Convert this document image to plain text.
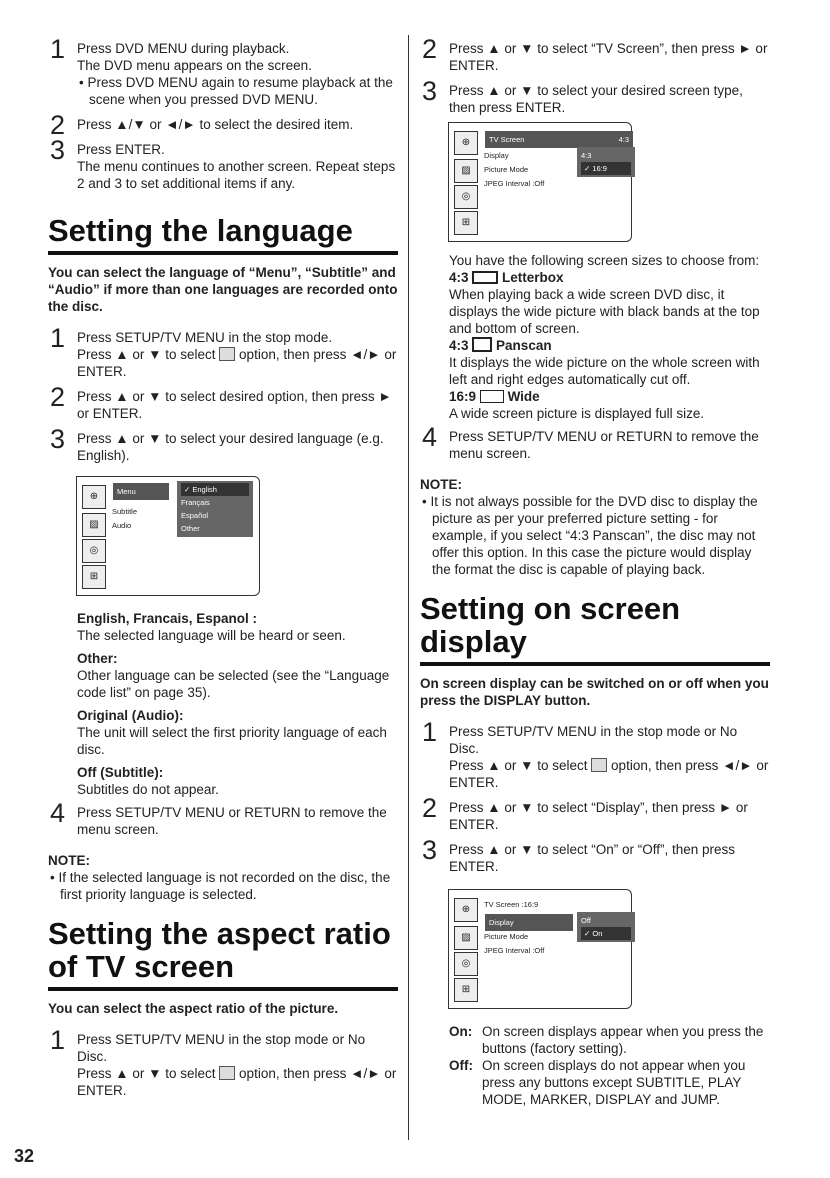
1 Press DVD MENU during playback.

The DVD menu appears on the screen.

• Press DVD MENU again to resume playback at the scene when you pressed DVD MENU.

2 Press ▲/▼ or ◄/► to select the desired item.

3 Press ENTER.

The menu continues to another screen. Repeat steps 2 and 3 to set additional items if any.

Setting the language

You can select the language of “Menu”, “Subtitle” and “Audio” if more than one languages are recorded onto the disc.

1 Press SETUP/TV MENU in the stop mode.

Press ▲ or ▼ to select option, then press ◄/► or ENTER.

2 Press ▲ or ▼ to select desired option, then press ► or ENTER.

3 Press ▲ or ▼ to select your desired language (e.g. English).

⊕
▨
◎
⊞
Menu
Subtitle
Audio
✓ English
Français
Español
Other

English, Francais, Espanol :

The selected language will be heard or seen.

Other:

Other language can be selected (see the “Language code list” on page 35).

Original (Audio):

The unit will select the first priority language of each disc.

Off (Subtitle):

Subtitles do not appear.

4 Press SETUP/TV MENU or RETURN to remove the menu screen.

NOTE:

• If the selected language is not recorded on the disc, the first priority language is selected.

Setting the aspect ratio of TV screen

You can select the aspect ratio of the picture.

1 Press SETUP/TV MENU in the stop mode or No Disc.

Press ▲ or ▼ to select option, then press ◄/► or ENTER.

2 Press ▲ or ▼ to select “TV Screen”, then press ► or ENTER.

3 Press ▲ or ▼ to select your desired screen type, then press ENTER.

⊕
▨
◎
⊞
TV Screen	4:3
Display
Picture Mode
JPEG Interval :Off
4:3
✓ 16:9

You have the following screen sizes to choose from:

4:3 Letterbox

When playing back a wide screen DVD disc, it displays the wide picture with black bands at the top and bottom of screen.

4:3 Panscan

It displays the wide picture on the whole screen with left and right edges automatically cut off.

16:9 Wide

A wide screen picture is displayed full size.

4 Press SETUP/TV MENU or RETURN to remove the menu screen.

NOTE:

• It is not always possible for the DVD disc to display the picture as per your preferred picture setting - for example, if you select “4:3 Panscan”, the disc may not offer this option. In this case the picture would display the format the disc is capable of playing back.

Setting on screen display

On screen display can be switched on or off when you press the DISPLAY button.

1 Press SETUP/TV MENU in the stop mode or No Disc.

Press ▲ or ▼ to select option, then press ◄/► or ENTER.

2 Press ▲ or ▼ to select “Display”, then press ► or ENTER.

3 Press ▲ or ▼ to select “On” or “Off”, then press ENTER.

⊕
▨
◎
⊞
TV Screen :16:9
Display
Picture Mode
JPEG Interval :Off
Off
✓ On
On: On screen displays appear when you press the buttons (factory setting).
Off: On screen displays do not appear when you press any buttons except SUBTITLE, PLAY MODE, MARKER, DISPLAY and JUMP.
32
